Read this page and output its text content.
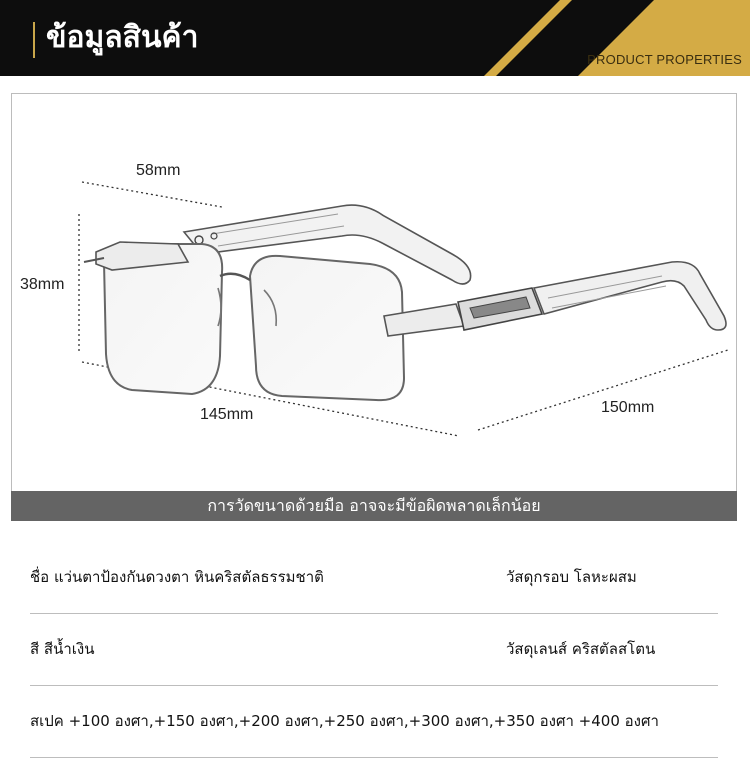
ข้อมูลสินค้า
PRODUCT PROPERTIES
58mm
38mm
145mm	150mm
การวัดขนาดด้วยมือ อาจจะมีข้อผิดพลาดเล็กน้อย
ชื่อ แว่นตาป้องกันดวงตา หินคริสตัลธรรมชาติ	วัสดุกรอบ โลหะผสม
สี สีน้ำเงิน	วัสดุเลนส์ คริสตัลสโตน
สเปค +100 องศา,+150 องศา,+200 องศา,+250 องศา,+300 องศา,+350 องศา +400 องศา
